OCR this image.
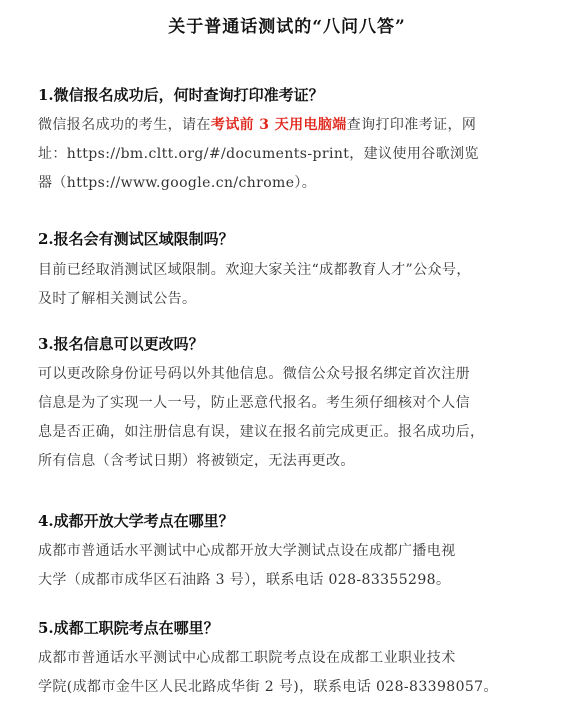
关于普通话测试的“八问八答”
1.微信报名成功后，何时查询打印准考证？
微信报名成功的考生，请在考试前 3 天用电脑端查询打印准考证，网
址：https://bm.cltt.org/#/documents-print，建议使用谷歌浏览
器（https://www.google.cn/chrome）。
2.报名会有测试区域限制吗？
目前已经取消测试区域限制。欢迎大家关注“成都教育人才”公众号，
及时了解相关测试公告。
3.报名信息可以更改吗？
可以更改除身份证号码以外其他信息。微信公众号报名绑定首次注册
信息是为了实现一人一号，防止恶意代报名。考生须仔细核对个人信
息是否正确，如注册信息有误，建议在报名前完成更正。报名成功后，
所有信息（含考试日期）将被锁定，无法再更改。
4.成都开放大学考点在哪里？
成都市普通话水平测试中心成都开放大学测试点设在成都广播电视
大学（成都市成华区石油路 3 号），联系电话 028-83355298。
5.成都工职院考点在哪里？
成都市普通话水平测试中心成都工职院考点设在成都工业职业技术
学院(成都市金牛区人民北路成华街 2 号)，联系电话 028-83398057。
